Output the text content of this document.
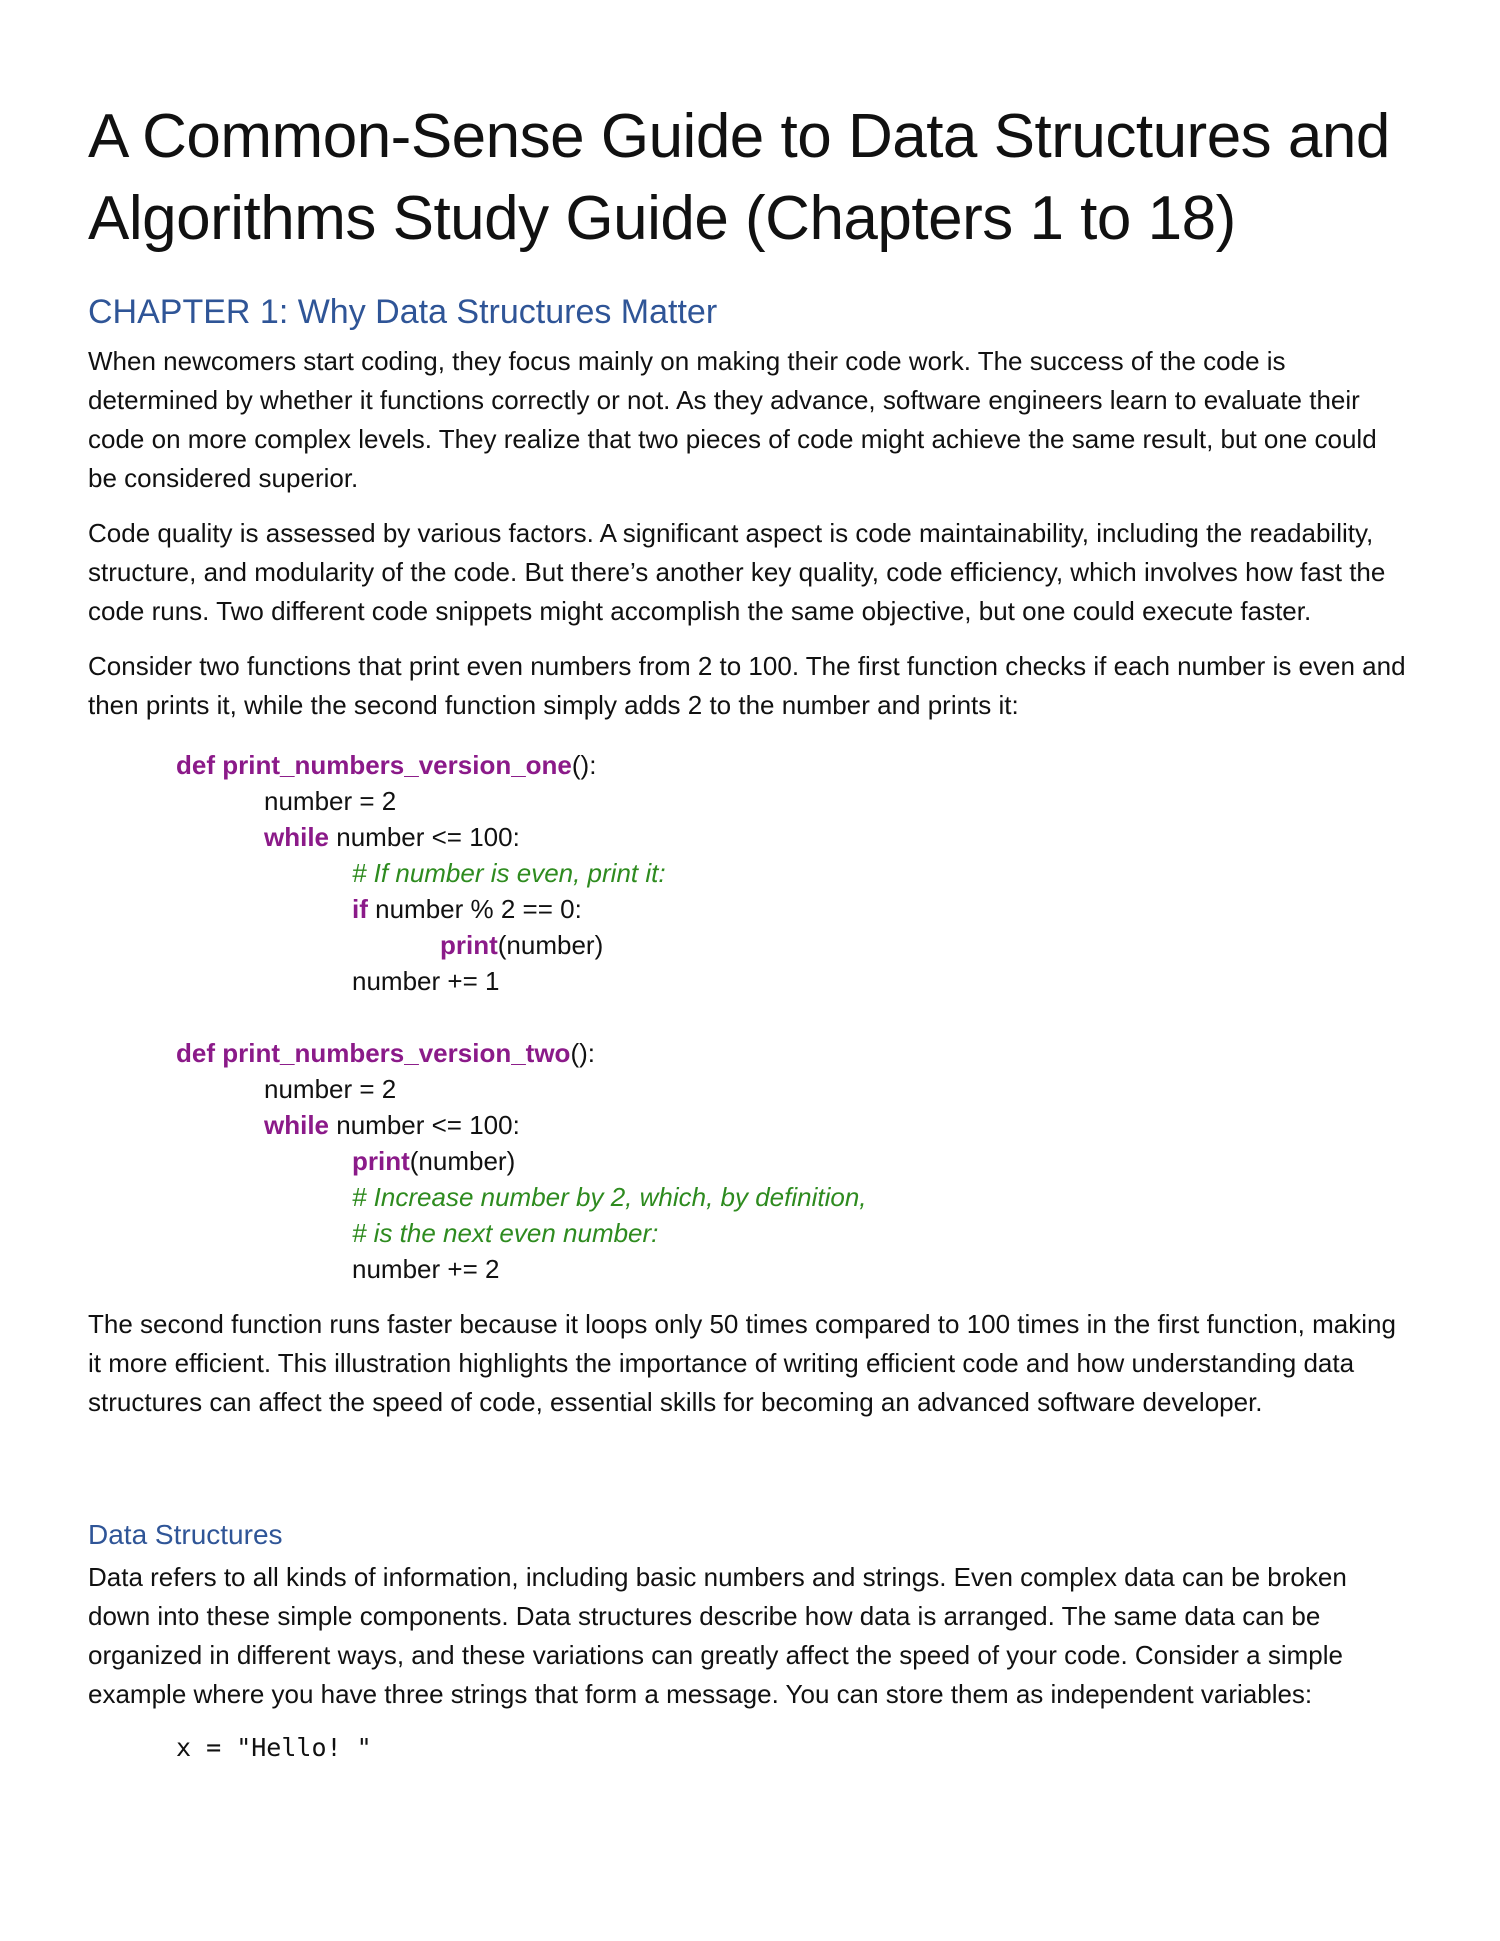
A Common-Sense Guide to Data Structures and Algorithms Study Guide (Chapters 1 to 18)
CHAPTER 1: Why Data Structures Matter

When newcomers start coding, they focus mainly on making their code work. The success of the code is determined by whether it functions correctly or not. As they advance, software engineers learn to evaluate their code on more complex levels. They realize that two pieces of code might achieve the same result, but one could be considered superior.

Code quality is assessed by various factors. A significant aspect is code maintainability, including the readability, structure, and modularity of the code. But there’s another key quality, code efficiency, which involves how fast the code runs. Two different code snippets might accomplish the same objective, but one could execute faster.

Consider two functions that print even numbers from 2 to 100. The first function checks if each number is even and then prints it, while the second function simply adds 2 to the number and prints it:

def print_numbers_version_one():
number = 2
while number <= 100:
# If number is even, print it:
if number % 2 == 0:
print(number)
number += 1
def print_numbers_version_two():
number = 2
while number <= 100:
print(number)
# Increase number by 2, which, by definition,
# is the next even number:
number += 2

The second function runs faster because it loops only 50 times compared to 100 times in the first function, making it more efficient. This illustration highlights the importance of writing efficient code and how understanding data structures can affect the speed of code, essential skills for becoming an advanced software developer.

Data Structures

Data refers to all kinds of information, including basic numbers and strings. Even complex data can be broken down into these simple components. Data structures describe how data is arranged. The same data can be organized in different ways, and these variations can greatly affect the speed of your code. Consider a simple example where you have three strings that form a message. You can store them as independent variables:

x = "Hello! "
